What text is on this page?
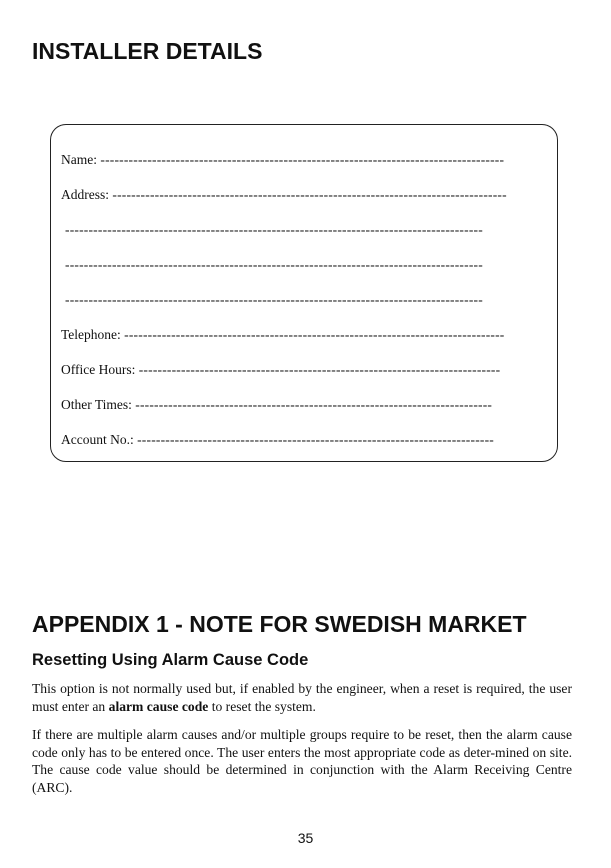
INSTALLER DETAILS
Name: --------------------------------------------------------------------------------------
Address: ------------------------------------------------------------------------------------
-----------------------------------------------------------------------------------------
-----------------------------------------------------------------------------------------
-----------------------------------------------------------------------------------------
Telephone: ---------------------------------------------------------------------------------
Office Hours: -----------------------------------------------------------------------------
Other Times: ----------------------------------------------------------------------------
Account No.: ----------------------------------------------------------------------------
APPENDIX 1 - NOTE FOR SWEDISH MARKET
Resetting Using Alarm Cause Code

This option is not normally used but, if enabled by the engineer, when a reset is required, the user must enter an alarm cause code to reset the system.

If there are multiple alarm causes and/or multiple groups require to be reset, then the alarm cause code only has to be entered once. The user enters the most appropriate code as deter-mined on site. The cause code value should be determined in conjunction with the Alarm Receiving Centre (ARC).

35
